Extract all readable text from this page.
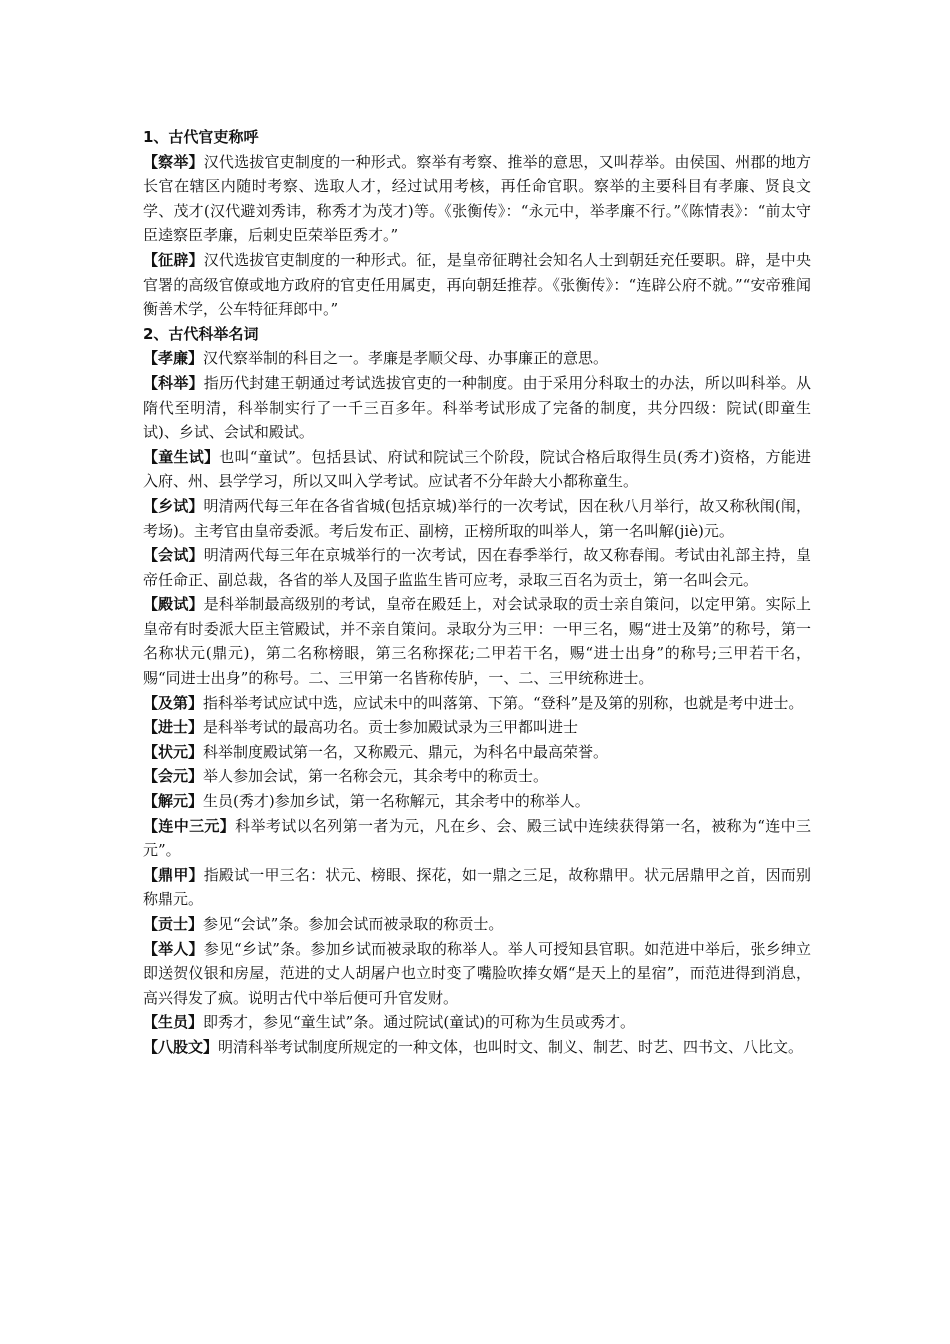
1、古代官吏称呼

【察举】汉代选拔官吏制度的一种形式。察举有考察、推举的意思，又叫荐举。由侯国、州郡的地方长官在辖区内随时考察、选取人才，经过试用考核，再任命官职。察举的主要科目有孝廉、贤良文学、茂才(汉代避刘秀讳，称秀才为茂才)等。《张衡传》：“永元中，举孝廉不行。”《陈情表》：“前太守臣逵察臣孝廉，后刺史臣荣举臣秀才。”

【征辟】汉代选拔官吏制度的一种形式。征，是皇帝征聘社会知名人士到朝廷充任要职。辟，是中央官署的高级官僚或地方政府的官吏任用属吏，再向朝廷推荐。《张衡传》：“连辟公府不就。”“安帝雅闻衡善术学，公车特征拜郎中。”

2、古代科举名词

【孝廉】汉代察举制的科目之一。孝廉是孝顺父母、办事廉正的意思。

【科举】指历代封建王朝通过考试选拔官吏的一种制度。由于采用分科取士的办法，所以叫科举。从隋代至明清，科举制实行了一千三百多年。科举考试形成了完备的制度，共分四级：院试(即童生试)、乡试、会试和殿试。

【童生试】也叫“童试”。包括县试、府试和院试三个阶段，院试合格后取得生员(秀才)资格，方能进入府、州、县学学习，所以又叫入学考试。应试者不分年龄大小都称童生。

【乡试】明清两代每三年在各省省城(包括京城)举行的一次考试，因在秋八月举行，故又称秋闱(闱，考场)。主考官由皇帝委派。考后发布正、副榜，正榜所取的叫举人，第一名叫解(jiè)元。

【会试】明清两代每三年在京城举行的一次考试，因在春季举行，故又称春闱。考试由礼部主持，皇帝任命正、副总裁，各省的举人及国子监监生皆可应考，录取三百名为贡士，第一名叫会元。

【殿试】是科举制最高级别的考试，皇帝在殿廷上，对会试录取的贡士亲自策问，以定甲第。实际上皇帝有时委派大臣主管殿试，并不亲自策问。录取分为三甲：一甲三名，赐“进士及第”的称号，第一名称状元(鼎元)，第二名称榜眼，第三名称探花;二甲若干名，赐“进士出身”的称号;三甲若干名，赐“同进士出身”的称号。二、三甲第一名皆称传胪，一、二、三甲统称进士。

【及第】指科举考试应试中选，应试未中的叫落第、下第。“登科”是及第的别称，也就是考中进士。

【进士】是科举考试的最高功名。贡士参加殿试录为三甲都叫进士

【状元】科举制度殿试第一名，又称殿元、鼎元，为科名中最高荣誉。

【会元】举人参加会试，第一名称会元，其余考中的称贡士。

【解元】生员(秀才)参加乡试，第一名称解元，其余考中的称举人。

【连中三元】科举考试以名列第一者为元，凡在乡、会、殿三试中连续获得第一名，被称为“连中三元”。

【鼎甲】指殿试一甲三名：状元、榜眼、探花，如一鼎之三足，故称鼎甲。状元居鼎甲之首，因而别称鼎元。

【贡士】参见“会试”条。参加会试而被录取的称贡士。

【举人】参见“乡试”条。参加乡试而被录取的称举人。举人可授知县官职。如范进中举后，张乡绅立即送贺仪银和房屋，范进的丈人胡屠户也立时变了嘴脸吹捧女婿“是天上的星宿”，而范进得到消息，高兴得发了疯。说明古代中举后便可升官发财。

【生员】即秀才，参见“童生试”条。通过院试(童试)的可称为生员或秀才。

【八股文】明清科举考试制度所规定的一种文体，也叫时文、制义、制艺、时艺、四书文、八比文。
